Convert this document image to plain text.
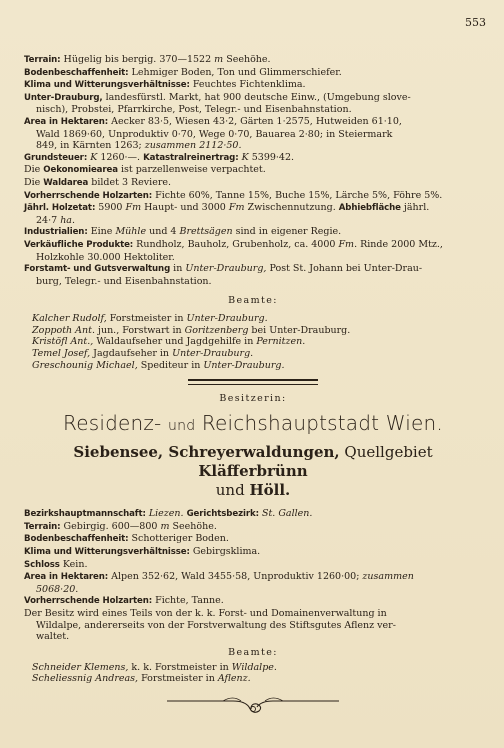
553
Terrain: Hügelig bis bergig. 370—1522 m Seehöhe.
Bodenbeschaffenheit: Lehmiger Boden, Ton und Glimmerschiefer.
Klima und Witterungsverhältnisse: Feuchtes Fichtenklima.
Unter-Drauburg, landesfürstl. Markt, hat 900 deutsche Einw., (Umgebung slove-
nisch), Probstei, Pfarrkirche, Post, Telegr.- und Eisenbahnstation.
Area in Hektaren: Aecker 83·5, Wiesen 43·2, Gärten 1·2575, Hutweiden 61·10,
Wald 1869·60, Unproduktiv 0·70, Wege 0·70, Bauarea 2·80; in Steiermark
849, in Kärnten 1263; zusammen 2112·50.
Grundsteuer: K 1260·—. Katastralreinertrag: K 5399·42.
Die Oekonomiearea ist parzellenweise verpachtet.
Die Waldarea bildet 3 Reviere.
Vorherrschende Holzarten: Fichte 60%, Tanne 15%, Buche 15%, Lärche 5%, Föhre 5%.
Jährl. Holzetat: 5900 Fm Haupt- und 3000 Fm Zwischennutzung. Abhiebfläche jährl.
24·7 ha.
Industrialien: Eine Mühle und 4 Brettsägen sind in eigener Regie.
Verkäufliche Produkte: Rundholz, Bauholz, Grubenholz, ca. 4000 Fm. Rinde 2000 Mtz.,
Holzkohle 30.000 Hektoliter.
Forstamt- und Gutsverwaltung in Unter-Drauburg, Post St. Johann bei Unter-Drau-
burg, Telegr.- und Eisenbahnstation.
Beamte:
Kalcher Rudolf, Forstmeister in Unter-Drauburg.
Zoppoth Ant. jun., Forstwart in Goritzenberg bei Unter-Drauburg.
Kristöfl Ant., Waldaufseher und Jagdgehilfe in Pernitzen.
Temel Josef, Jagdaufseher in Unter-Drauburg.
Greschounig Michael, Spediteur in Unter-Drauburg.
Besitzerin:
Residenz- und Reichshauptstadt Wien.
Siebensee, Schreyerwaldungen, Quellgebiet Kläfferbrünn
und Höll.
Bezirkshauptmannschaft: Liezen. Gerichtsbezirk: St. Gallen.
Terrain: Gebirgig. 600—800 m Seehöhe.
Bodenbeschaffenheit: Schotteriger Boden.
Klima und Witterungsverhältnisse: Gebirgsklima.
Schloss Kein.
Area in Hektaren: Alpen 352·62, Wald 3455·58, Unproduktiv 1260·00; zusammen
5068·20.
Vorherrschende Holzarten: Fichte, Tanne.
Der Besitz wird eines Teils von der k. k. Forst- und Domainenverwaltung in
Wildalpe, andererseits von der Forstverwaltung des Stiftsgutes Aflenz ver-
waltet.
Beamte:
Schneider Klemens, k. k. Forstmeister in Wildalpe.
Scheliessnig Andreas, Forstmeister in Aflenz.
